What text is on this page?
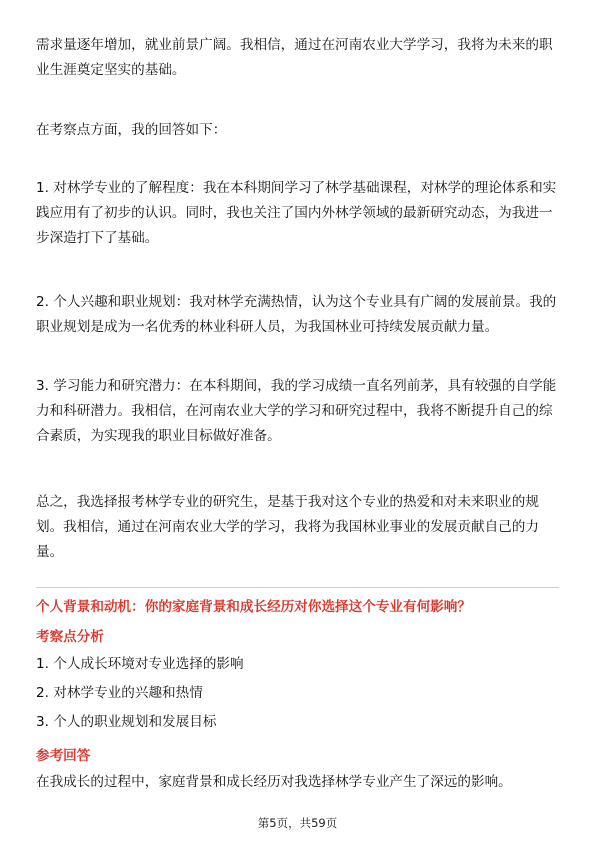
需求量逐年增加，就业前景广阔。我相信，通过在河南农业大学学习，我将为未来的职业生涯奠定坚实的基础。

在考察点方面，我的回答如下：

1. 对林学专业的了解程度：我在本科期间学习了林学基础课程，对林学的理论体系和实践应用有了初步的认识。同时，我也关注了国内外林学领域的最新研究动态，为我进一步深造打下了基础。

2. 个人兴趣和职业规划：我对林学充满热情，认为这个专业具有广阔的发展前景。我的职业规划是成为一名优秀的林业科研人员，为我国林业可持续发展贡献力量。

3. 学习能力和研究潜力：在本科期间，我的学习成绩一直名列前茅，具有较强的自学能力和科研潜力。我相信，在河南农业大学的学习和研究过程中，我将不断提升自己的综合素质，为实现我的职业目标做好准备。

总之，我选择报考林学专业的研究生，是基于我对这个专业的热爱和对未来职业的规划。我相信，通过在河南农业大学的学习，我将为我国林业事业的发展贡献自己的力量。

个人背景和动机：你的家庭背景和成长经历对你选择这个专业有何影响？

考察点分析

1. 个人成长环境对专业选择的影响

2. 对林学专业的兴趣和热情

3. 个人的职业规划和发展目标

参考回答

在我成长的过程中，家庭背景和成长经历对我选择林学专业产生了深远的影响。

第5页，共59页
